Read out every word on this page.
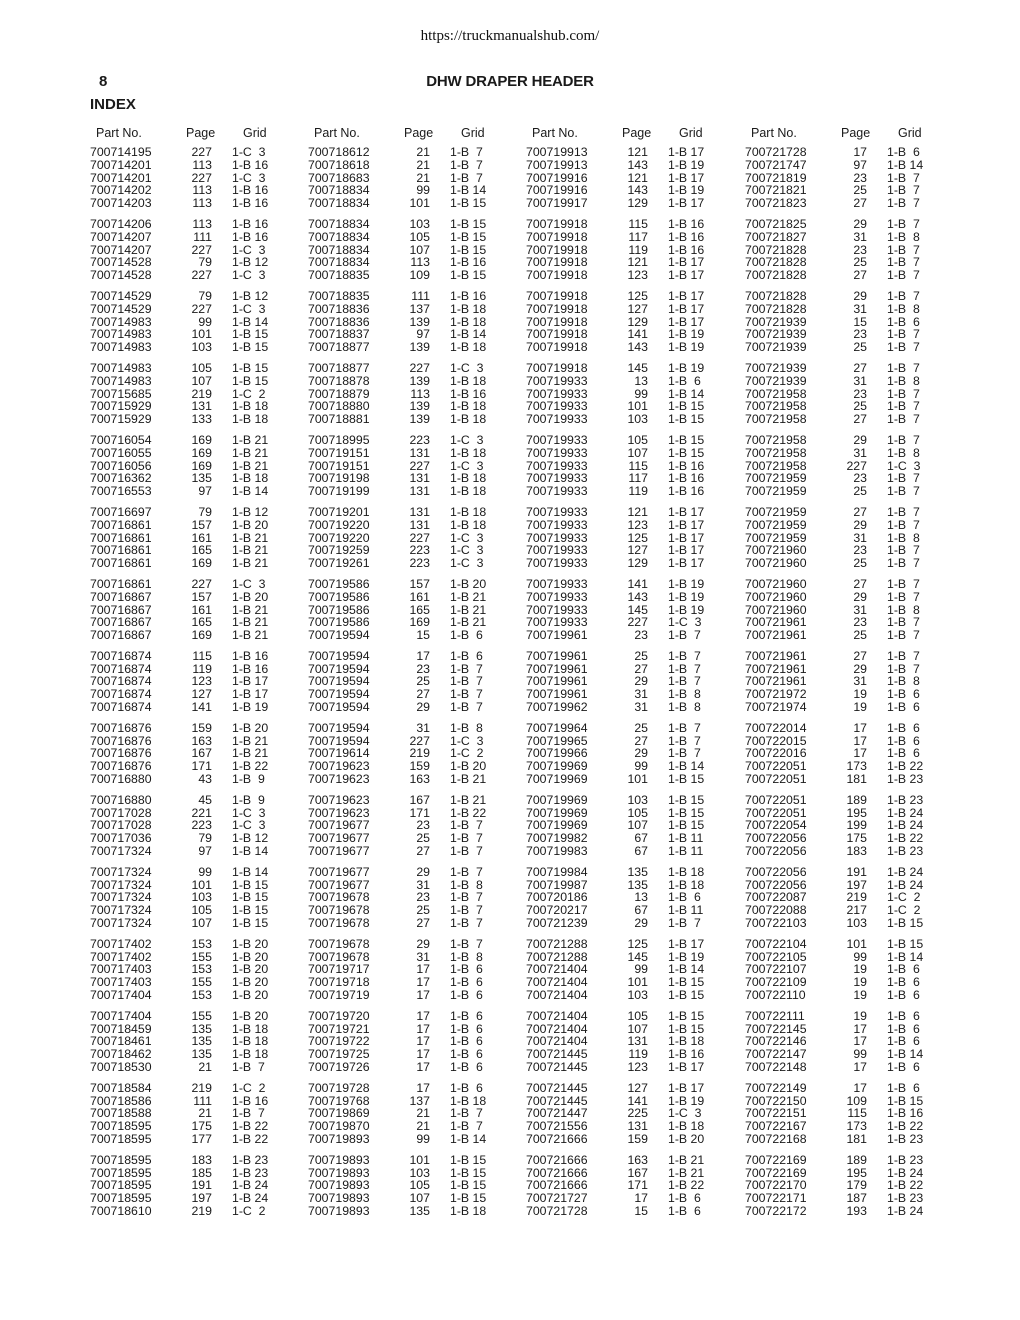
https://truckmanualshub.com/
8	DHW DRAPER HEADER
INDEX
Part No.	Page Grid
700714195	227 1-C  3
700714201	113 1-B 16
700714201	227 1-C  3
700714202	113 1-B 16
700714203	113 1-B 16
700714206	113 1-B 16
700714207	111 1-B 16
700714207	227 1-C  3
700714528	79 1-B 12
700714528	227 1-C  3
700714529	79 1-B 12
700714529	227 1-C  3
700714983	99 1-B 14
700714983	101 1-B 15
700714983	103 1-B 15
700714983	105 1-B 15
700714983	107 1-B 15
700715685	219 1-C  2
700715929	131 1-B 18
700715929	133 1-B 18
700716054	169 1-B 21
700716055	169 1-B 21
700716056	169 1-B 21
700716362	135 1-B 18
700716553	97 1-B 14
700716697	79 1-B 12
700716861	157 1-B 20
700716861	161 1-B 21
700716861	165 1-B 21
700716861	169 1-B 21
700716861	227 1-C  3
700716867	157 1-B 20
700716867	161 1-B 21
700716867	165 1-B 21
700716867	169 1-B 21
700716874	115 1-B 16
700716874	119 1-B 16
700716874	123 1-B 17
700716874	127 1-B 17
700716874	141 1-B 19
700716876	159 1-B 20
700716876	163 1-B 21
700716876	167 1-B 21
700716876	171 1-B 22
700716880	43 1-B  9
700716880	45 1-B  9
700717028	221 1-C  3
700717028	223 1-C  3
700717036	79 1-B 12
700717324	97 1-B 14
700717324	99 1-B 14
700717324	101 1-B 15
700717324	103 1-B 15
700717324	105 1-B 15
700717324	107 1-B 15
700717402	153 1-B 20
700717402	155 1-B 20
700717403	153 1-B 20
700717403	155 1-B 20
700717404	153 1-B 20
700717404	155 1-B 20
700718459	135 1-B 18
700718461	135 1-B 18
700718462	135 1-B 18
700718530	21 1-B  7
700718584	219 1-C  2
700718586	111 1-B 16
700718588	21 1-B  7
700718595	175 1-B 22
700718595	177 1-B 22
700718595	183 1-B 23
700718595	185 1-B 23
700718595	191 1-B 24
700718595	197 1-B 24
700718610	219 1-C  2
Part No.	Page Grid
700718612	21 1-B  7
700718618	21 1-B  7
700718683	21 1-B  7
700718834	99 1-B 14
700718834	101 1-B 15
700718834	103 1-B 15
700718834	105 1-B 15
700718834	107 1-B 15
700718834	113 1-B 16
700718835	109 1-B 15
700718835	111 1-B 16
700718836	137 1-B 18
700718836	139 1-B 18
700718837	97 1-B 14
700718877	139 1-B 18
700718877	227 1-C  3
700718878	139 1-B 18
700718879	113 1-B 16
700718880	139 1-B 18
700718881	139 1-B 18
700718995	223 1-C  3
700719151	131 1-B 18
700719151	227 1-C  3
700719198	131 1-B 18
700719199	131 1-B 18
700719201	131 1-B 18
700719220	131 1-B 18
700719220	227 1-C  3
700719259	223 1-C  3
700719261	223 1-C  3
700719586	157 1-B 20
700719586	161 1-B 21
700719586	165 1-B 21
700719586	169 1-B 21
700719594	15 1-B  6
700719594	17 1-B  6
700719594	23 1-B  7
700719594	25 1-B  7
700719594	27 1-B  7
700719594	29 1-B  7
700719594	31 1-B  8
700719594	227 1-C  3
700719614	219 1-C  2
700719623	159 1-B 20
700719623	163 1-B 21
700719623	167 1-B 21
700719623	171 1-B 22
700719677	23 1-B  7
700719677	25 1-B  7
700719677	27 1-B  7
700719677	29 1-B  7
700719677	31 1-B  8
700719678	23 1-B  7
700719678	25 1-B  7
700719678	27 1-B  7
700719678	29 1-B  7
700719678	31 1-B  8
700719717	17 1-B  6
700719718	17 1-B  6
700719719	17 1-B  6
700719720	17 1-B  6
700719721	17 1-B  6
700719722	17 1-B  6
700719725	17 1-B  6
700719726	17 1-B  6
700719728	17 1-B  6
700719768	137 1-B 18
700719869	21 1-B  7
700719870	21 1-B  7
700719893	99 1-B 14
700719893	101 1-B 15
700719893	103 1-B 15
700719893	105 1-B 15
700719893	107 1-B 15
700719893	135 1-B 18
Part No.	Page Grid
700719913	121 1-B 17
700719913	143 1-B 19
700719916	121 1-B 17
700719916	143 1-B 19
700719917	129 1-B 17
700719918	115 1-B 16
700719918	117 1-B 16
700719918	119 1-B 16
700719918	121 1-B 17
700719918	123 1-B 17
700719918	125 1-B 17
700719918	127 1-B 17
700719918	129 1-B 17
700719918	141 1-B 19
700719918	143 1-B 19
700719918	145 1-B 19
700719933	13 1-B  6
700719933	99 1-B 14
700719933	101 1-B 15
700719933	103 1-B 15
700719933	105 1-B 15
700719933	107 1-B 15
700719933	115 1-B 16
700719933	117 1-B 16
700719933	119 1-B 16
700719933	121 1-B 17
700719933	123 1-B 17
700719933	125 1-B 17
700719933	127 1-B 17
700719933	129 1-B 17
700719933	141 1-B 19
700719933	143 1-B 19
700719933	145 1-B 19
700719933	227 1-C  3
700719961	23 1-B  7
700719961	25 1-B  7
700719961	27 1-B  7
700719961	29 1-B  7
700719961	31 1-B  8
700719962	31 1-B  8
700719964	25 1-B  7
700719965	27 1-B  7
700719966	29 1-B  7
700719969	99 1-B 14
700719969	101 1-B 15
700719969	103 1-B 15
700719969	105 1-B 15
700719969	107 1-B 15
700719982	67 1-B 11
700719983	67 1-B 11
700719984	135 1-B 18
700719987	135 1-B 18
700720186	13 1-B  6
700720217	67 1-B 11
700721239	29 1-B  7
700721288	125 1-B 17
700721288	145 1-B 19
700721404	99 1-B 14
700721404	101 1-B 15
700721404	103 1-B 15
700721404	105 1-B 15
700721404	107 1-B 15
700721404	131 1-B 18
700721445	119 1-B 16
700721445	123 1-B 17
700721445	127 1-B 17
700721445	141 1-B 19
700721447	225 1-C  3
700721556	131 1-B 18
700721666	159 1-B 20
700721666	163 1-B 21
700721666	167 1-B 21
700721666	171 1-B 22
700721727	17 1-B  6
700721728	15 1-B  6
Part No.	Page Grid
700721728	17 1-B  6
700721747	97 1-B 14
700721819	23 1-B  7
700721821	25 1-B  7
700721823	27 1-B  7
700721825	29 1-B  7
700721827	31 1-B  8
700721828	23 1-B  7
700721828	25 1-B  7
700721828	27 1-B  7
700721828	29 1-B  7
700721828	31 1-B  8
700721939	15 1-B  6
700721939	23 1-B  7
700721939	25 1-B  7
700721939	27 1-B  7
700721939	31 1-B  8
700721958	23 1-B  7
700721958	25 1-B  7
700721958	27 1-B  7
700721958	29 1-B  7
700721958	31 1-B  8
700721958	227 1-C  3
700721959	23 1-B  7
700721959	25 1-B  7
700721959	27 1-B  7
700721959	29 1-B  7
700721959	31 1-B  8
700721960	23 1-B  7
700721960	25 1-B  7
700721960	27 1-B  7
700721960	29 1-B  7
700721960	31 1-B  8
700721961	23 1-B  7
700721961	25 1-B  7
700721961	27 1-B  7
700721961	29 1-B  7
700721961	31 1-B  8
700721972	19 1-B  6
700721974	19 1-B  6
700722014	17 1-B  6
700722015	17 1-B  6
700722016	17 1-B  6
700722051	173 1-B 22
700722051	181 1-B 23
700722051	189 1-B 23
700722051	195 1-B 24
700722054	199 1-B 24
700722056	175 1-B 22
700722056	183 1-B 23
700722056	191 1-B 24
700722056	197 1-B 24
700722087	219 1-C  2
700722088	217 1-C  2
700722103	103 1-B 15
700722104	101 1-B 15
700722105	99 1-B 14
700722107	19 1-B  6
700722109	19 1-B  6
700722110	19 1-B  6
700722111	19 1-B  6
700722145	17 1-B  6
700722146	17 1-B  6
700722147	99 1-B 14
700722148	17 1-B  6
700722149	17 1-B  6
700722150	109 1-B 15
700722151	115 1-B 16
700722167	173 1-B 22
700722168	181 1-B 23
700722169	189 1-B 23
700722169	195 1-B 24
700722170	179 1-B 22
700722171	187 1-B 23
700722172	193 1-B 24
